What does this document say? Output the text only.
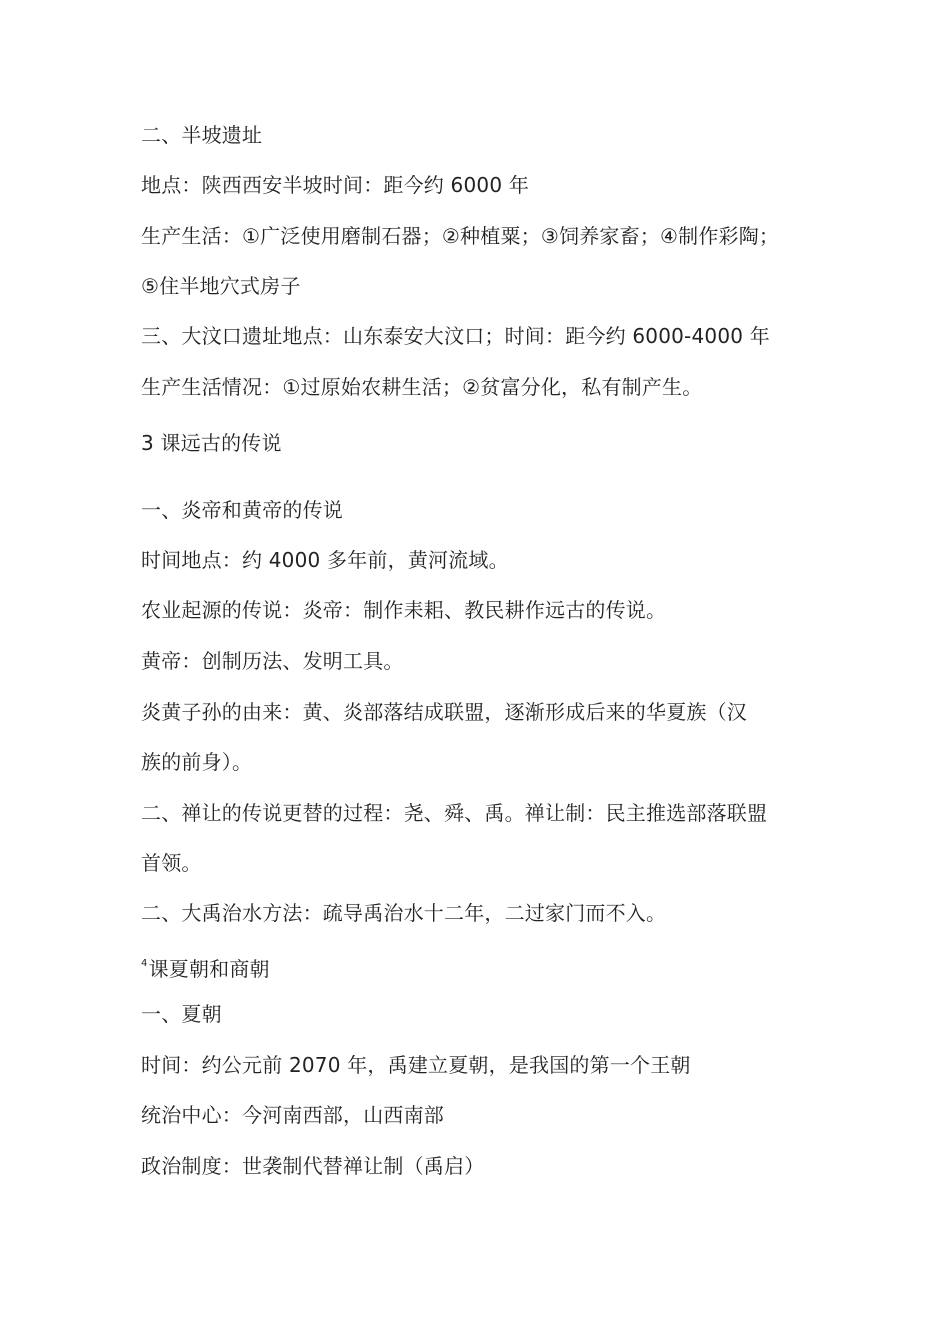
二、半坡遗址
地点：陕西西安半坡时间：距今约 6000 年
生产生活：①广泛使用磨制石器；②种植粟；③饲养家畜；④制作彩陶；
⑤住半地穴式房子
三、大汶口遗址地点：山东泰安大汶口；时间：距今约 6000-4000 年
生产生活情况：①过原始农耕生活；②贫富分化，私有制产生。
3 课远古的传说
一、炎帝和黄帝的传说
时间地点：约 4000 多年前，黄河流域。
农业起源的传说：炎帝：制作耒耜、教民耕作远古的传说。
黄帝：创制历法、发明工具。
炎黄子孙的由来：黄、炎部落结成联盟，逐渐形成后来的华夏族（汉
族的前身）。
二、禅让的传说更替的过程：尧、舜、禹。禅让制：民主推选部落联盟
首领。
二、大禹治水方法：疏导禹治水十二年，二过家门而不入。
$^4$课夏朝和商朝
一、夏朝
时间：约公元前 2070 年，禹建立夏朝，是我国的第一个王朝
统治中心：今河南西部，山西南部
政治制度：世袭制代替禅让制（禹启）
